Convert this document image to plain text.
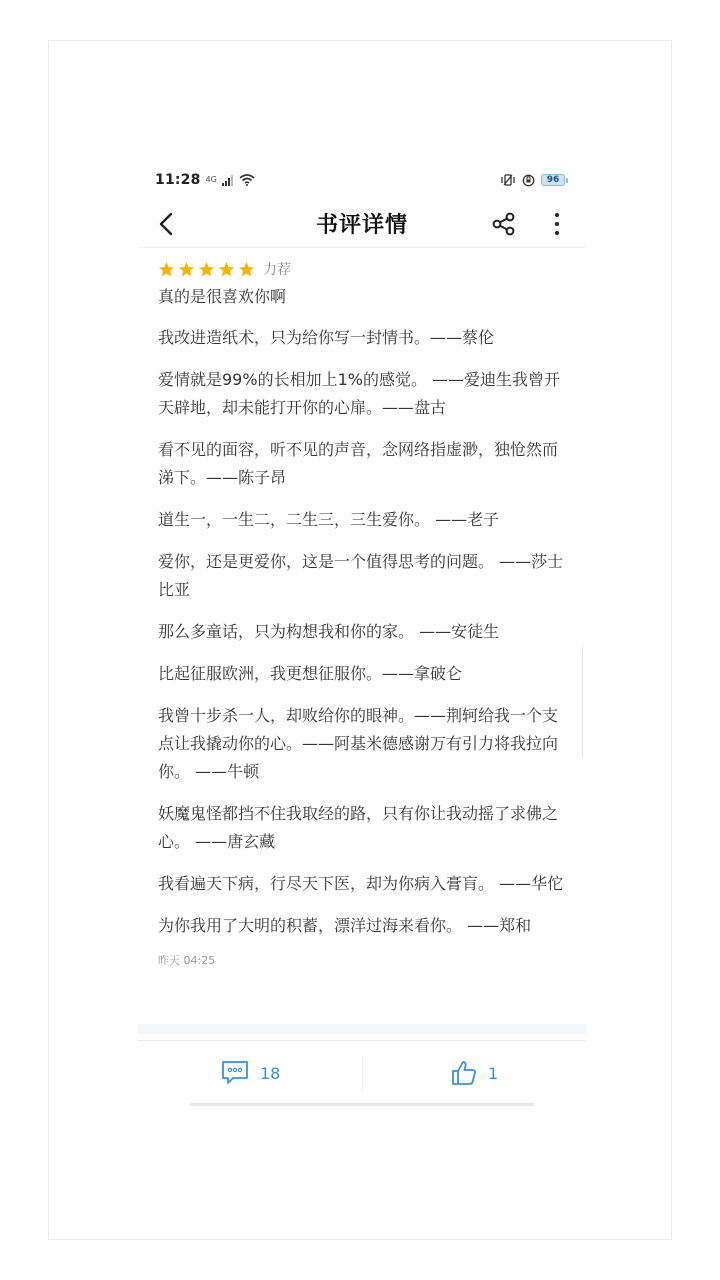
11:28 4G	96
书评详情
力荐
真的是很喜欢你啊

我改进造纸术，只为给你写一封情书。——蔡伦

爱情就是99%的长相加上1%的感觉。 ——爱迪生我曾开天辟地，却未能打开你的心扉。——盘古

看不见的面容，听不见的声音，念网络指虚渺，独怆然而涕下。——陈子昂

道生一，一生二，二生三，三生爱你。 ——老子

爱你，还是更爱你，这是一个值得思考的问题。 ——莎士比亚

那么多童话，只为构想我和你的家。 ——安徒生

比起征服欧洲，我更想征服你。——拿破仑

我曾十步杀一人，却败给你的眼神。——荆轲给我一个支点让我撬动你的心。——阿基米德感谢万有引力将我拉向你。 ——牛顿

妖魔鬼怪都挡不住我取经的路，只有你让我动摇了求佛之心。 ——唐玄藏

我看遍天下病，行尽天下医，却为你病入膏肓。 ——华佗

为你我用了大明的积蓄，漂洋过海来看你。 ——郑和

昨天 04:25
18	1
